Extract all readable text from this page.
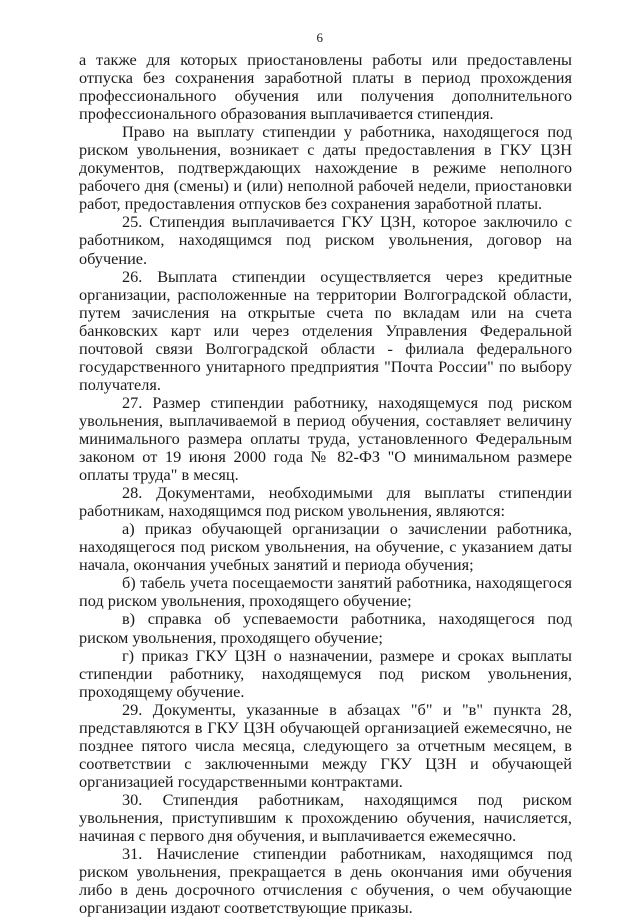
6

а также для которых приостановлены работы или предоставлены отпуска без сохранения заработной платы в период прохождения профессионального обучения или получения дополнительного профессионального образования выплачивается стипендия.

Право на выплату стипендии у работника, находящегося под риском увольнения, возникает с даты предоставления в ГКУ ЦЗН документов, подтверждающих нахождение в режиме неполного рабочего дня (смены) и (или) неполной рабочей недели, приостановки работ, предоставления отпусков без сохранения заработной платы.

25. Стипендия выплачивается ГКУ ЦЗН, которое заключило с работником, находящимся под риском увольнения, договор на обучение.

26. Выплата стипендии осуществляется через кредитные организации, расположенные на территории Волгоградской области, путем зачисления на открытые счета по вкладам или на счета банковских карт или через отделения Управления Федеральной почтовой связи Волгоградской области - филиала федерального государственного унитарного предприятия "Почта России" по выбору получателя.

27. Размер стипендии работнику, находящемуся под риском увольнения, выплачиваемой в период обучения, составляет величину минимального размера оплаты труда, установленного Федеральным законом от 19 июня 2000 года № 82-ФЗ "О минимальном размере оплаты труда" в месяц.

28. Документами, необходимыми для выплаты стипендии работникам, находящимся под риском увольнения, являются:

а) приказ обучающей организации о зачислении работника, находящегося под риском увольнения, на обучение, с указанием даты начала, окончания учебных занятий и периода обучения;

б) табель учета посещаемости занятий работника, находящегося под риском увольнения, проходящего обучение;

в) справка об успеваемости работника, находящегося под риском увольнения, проходящего обучение;

г) приказ ГКУ ЦЗН о назначении, размере и сроках выплаты стипендии работнику, находящемуся под риском увольнения, проходящему обучение.

29. Документы, указанные в абзацах "б" и "в" пункта 28, представляются в ГКУ ЦЗН обучающей организацией ежемесячно, не позднее пятого числа месяца, следующего за отчетным месяцем, в соответствии с заключенными между ГКУ ЦЗН и обучающей организацией государственными контрактами.

30. Стипендия работникам, находящимся под риском увольнения, приступившим к прохождению обучения, начисляется, начиная с первого дня обучения, и выплачивается ежемесячно.

31. Начисление стипендии работникам, находящимся под риском увольнения, прекращается в день окончания ими обучения либо в день досрочного отчисления с обучения, о чем обучающие организации издают соответствующие приказы.
